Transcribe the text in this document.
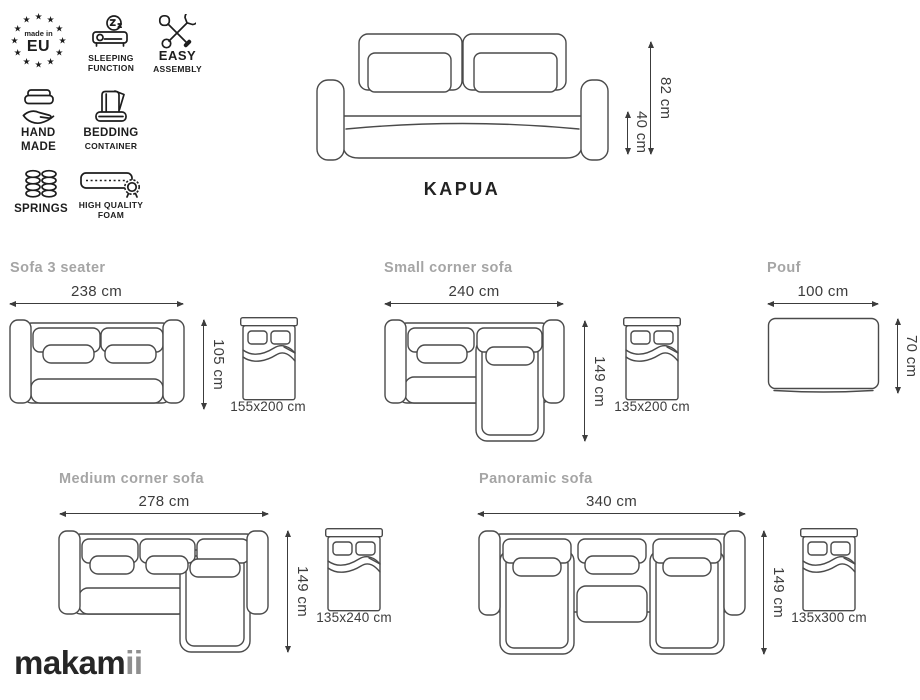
★ ★
★
★
★
★
★
★
★
★
★
★
made in
EU
SLEEPING
FUNCTION
EASY
ASSEMBLY
HAND
MADE
BEDDING
CONTAINER
SPRINGS	HIGH QUALITY
FOAM
KAPUA
82 cm
40 cm
Sofa 3 seater
238 cm
105 cm
155x200 cm
Small corner sofa
240 cm
149 cm 135x200 cm
Pouf
100 cm
70 cm
Medium corner sofa
278 cm
149 cm
135x240 cm
Panoramic sofa
340 cm
149 cm 135x300 cm
makamii
